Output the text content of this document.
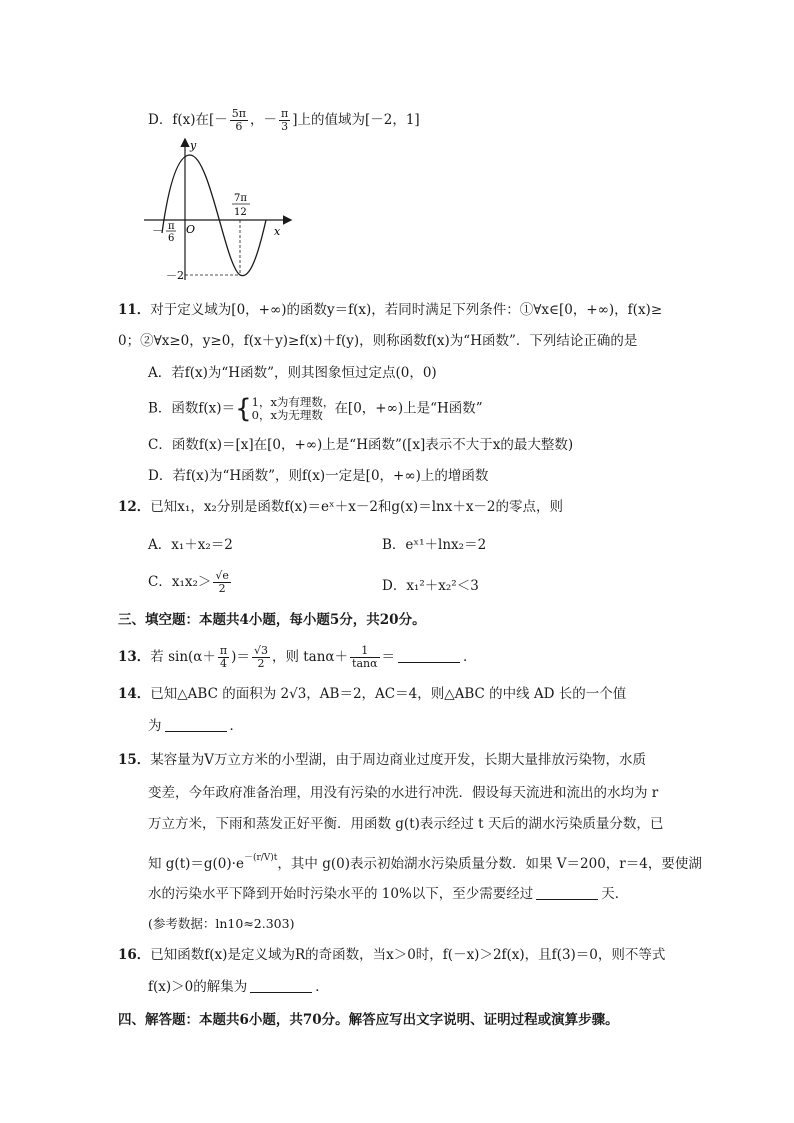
D．f(x)在[－ $\frac{5\pi}{6}$ ，－ $\frac{\pi}{3}$ ]上的值域为[－2，1]
y
x
O
－ π
6
7π
12
－2
11．对于定义域为[0，+∞)的函数y＝f(x)，若同时满足下列条件：①∀x∈[0，+∞)，f(x)≥
0；②∀x≥0，y≥0，f(x＋y)≥f(x)＋f(y)，则称函数f(x)为“H函数”．下列结论正确的是
A．若f(x)为“H函数”，则其图象恒过定点(0，0)
B．函数f(x)＝{ 1，x为有理数，
0，x为无理数 在[0，+∞)上是“H函数”
C．函数f(x)＝[x]在[0，+∞)上是“H函数”([x]表示不大于x的最大整数)
D．若f(x)为“H函数”，则f(x)一定是[0，+∞)上的增函数
12．已知x₁，x₂分别是函数f(x)＝eˣ＋x－2和g(x)＝lnx＋x－2的零点，则
A．x₁＋x₂＝2	B．eˣ¹＋lnx₂＝2
C．$x_1x_2> \frac{√e}{2}$	D．x₁²＋x₂²＜3
三、填空题：本题共4小题，每小题5分，共20分。
13．若 $\sin(\alpha+ \frac{\pi}{4}$ )＝ $\frac{√3}{2}$ ，则 $\tan\alpha+ \frac{1}{\tan\alpha}$ ＝	．
14．已知△ABC 的面积为 2√3，AB＝2，AC＝4，则△ABC 的中线 AD 长的一个值
为	．
15．某容量为V万立方米的小型湖，由于周边商业过度开发，长期大量排放污染物，水质
变差，今年政府准备治理，用没有污染的水进行冲洗．假设每天流进和流出的水均为 r
万立方米，下雨和蒸发正好平衡．用函数 g(t)表示经过 t 天后的湖水污染质量分数，已
知 $g(t)=g(0)\cdot e^{-(r/V)t}$，其中 g(0)表示初始湖水污染质量分数．如果 V＝200，r＝4，要使湖
水的污染水平下降到开始时污染水平的 10%以下，至少需要经过	天．
(参考数据：ln10≈2.303)
16．已知函数f(x)是定义域为R的奇函数，当x＞0时，f(－x)＞2f(x)，且f(3)＝0，则不等式
f(x)＞0的解集为	．
四、解答题：本题共6小题，共70分。解答应写出文字说明、证明过程或演算步骤。
